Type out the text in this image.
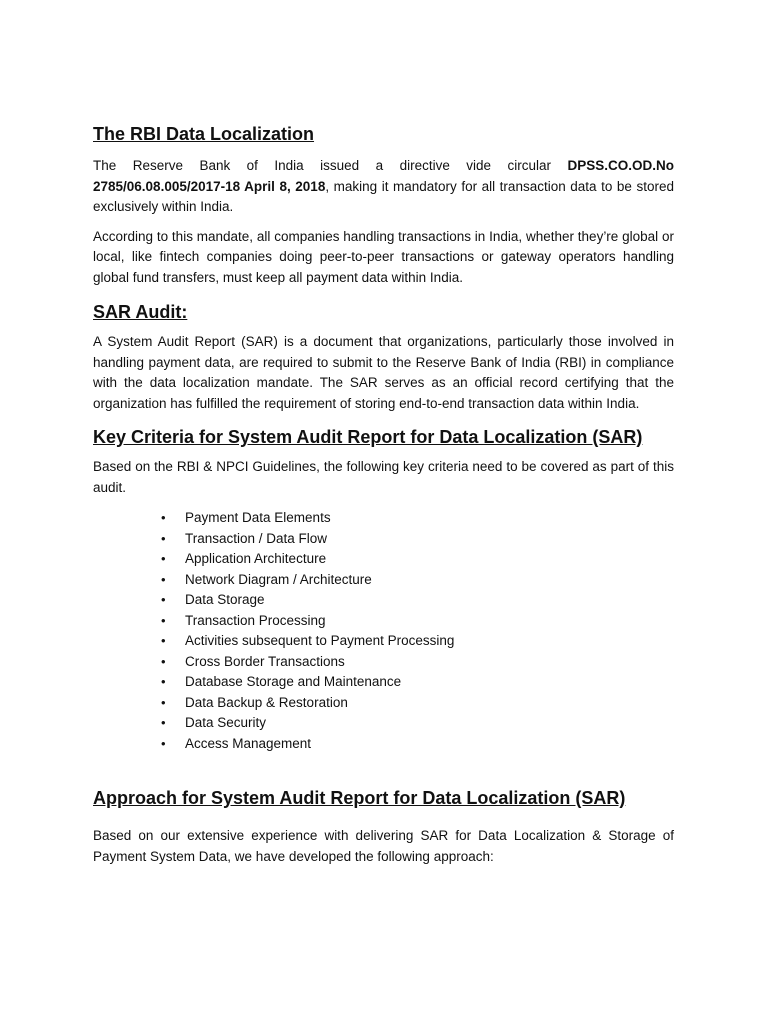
The RBI Data Localization

The Reserve Bank of India issued a directive vide circular DPSS.CO.OD.No 2785/06.08.005/2017-18 April 8, 2018, making it mandatory for all transaction data to be stored exclusively within India.

According to this mandate, all companies handling transactions in India, whether they’re global or local, like fintech companies doing peer-to-peer transactions or gateway operators handling global fund transfers, must keep all payment data within India.

SAR Audit:

A System Audit Report (SAR) is a document that organizations, particularly those involved in handling payment data, are required to submit to the Reserve Bank of India (RBI) in compliance with the data localization mandate. The SAR serves as an official record certifying that the organization has fulfilled the requirement of storing end-to-end transaction data within India.

Key Criteria for System Audit Report for Data Localization (SAR)

Based on the RBI & NPCI Guidelines, the following key criteria need to be covered as part of this audit.

• Payment Data Elements
• Transaction / Data Flow
• Application Architecture
• Network Diagram / Architecture
• Data Storage
• Transaction Processing
• Activities subsequent to Payment Processing
• Cross Border Transactions
• Database Storage and Maintenance
• Data Backup & Restoration
• Data Security
• Access Management
Approach for System Audit Report for Data Localization (SAR)

Based on our extensive experience with delivering SAR for Data Localization & Storage of Payment System Data, we have developed the following approach:
